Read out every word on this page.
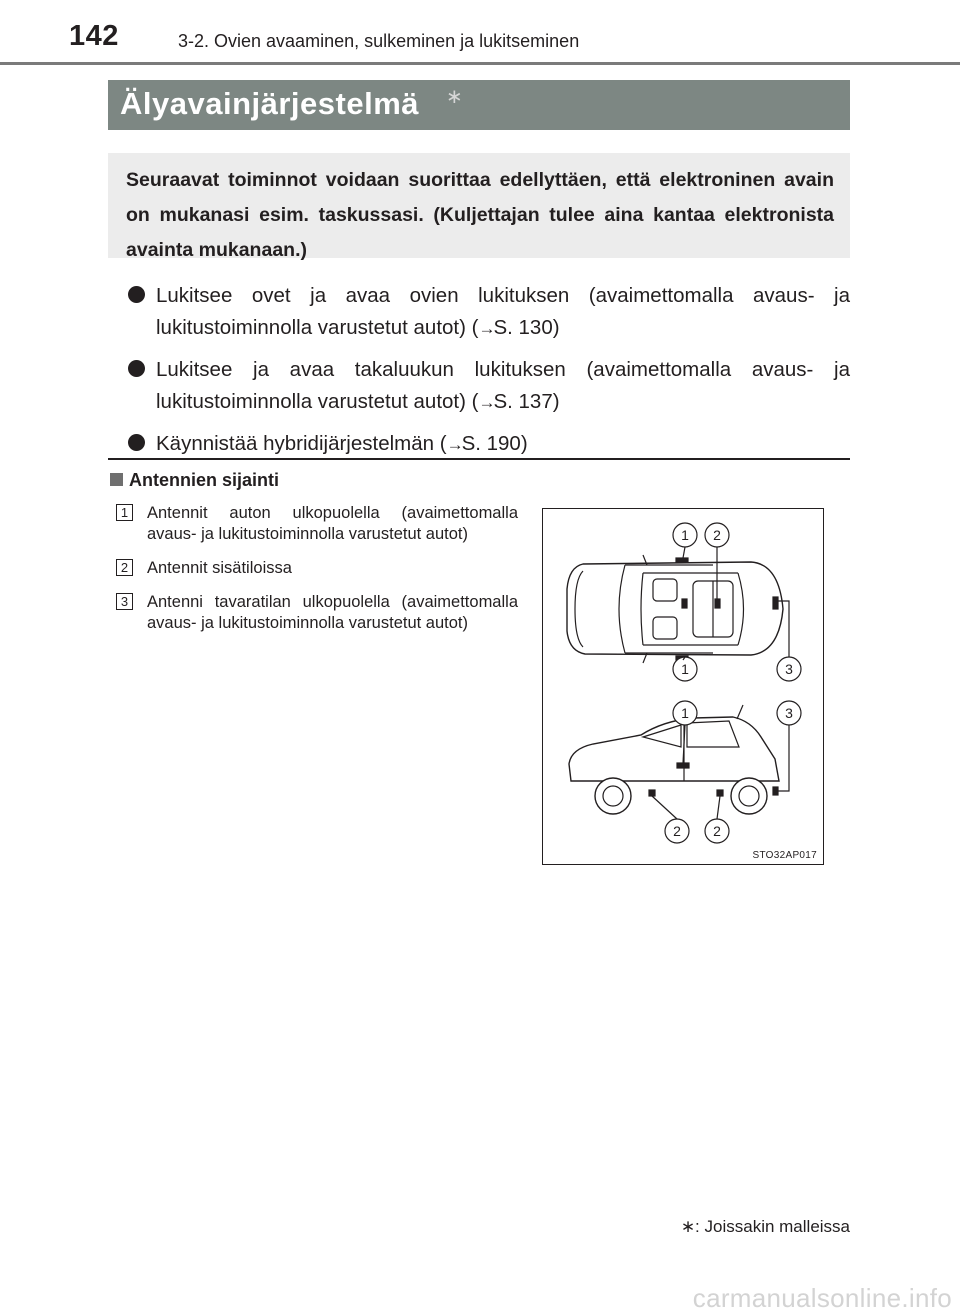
142	3-2. Ovien avaaminen, sulkeminen ja lukitseminen
Älyavainjärjestelmä ∗

Seuraavat toiminnot voidaan suorittaa edellyttäen, että elektroninen avain on mukanasi esim. taskussasi. (Kuljettajan tulee aina kantaa elektronista avainta mukanaan.)

Lukitsee ovet ja avaa ovien lukituksen (avaimettomalla avaus- ja lukitustoiminnolla varustetut autot) (→S. 130)
Lukitsee ja avaa takaluukun lukituksen (avaimettomalla avaus- ja lukitustoiminnolla varustetut autot) (→S. 137)
Käynnistää hybridijärjestelmän (→S. 190)
Antennien sijainti
1 Antennit auton ulkopuolella (avaimettomalla avaus- ja lukitustoiminnolla varustetut autot)
2 Antennit sisätiloissa
3 Antenni tavaratilan ulkopuolella (avaimettomalla avaus- ja lukitustoiminnolla varustetut autot)
1 2
1	3
1	3
2 2
STO32AP017
∗: Joissakin malleissa
carmanualsonline.info
